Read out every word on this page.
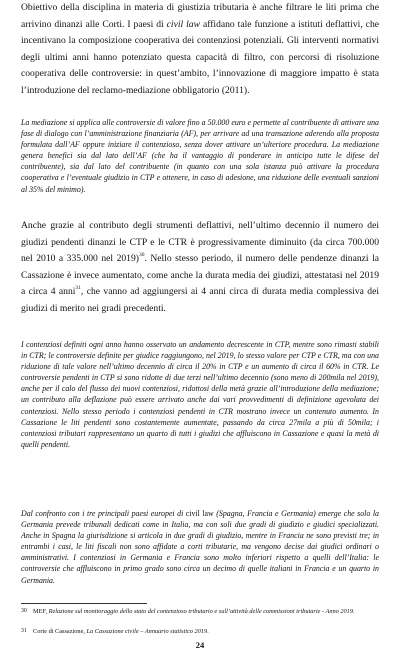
Obiettivo della disciplina in materia di giustizia tributaria è anche filtrare le liti prima che arrivino dinanzi alle Corti. I paesi di civil law affidano tale funzione a istituti deflattivi, che incentivano la composizione cooperativa dei contenziosi potenziali. Gli interventi normativi degli ultimi anni hanno potenziato questa capacità di filtro, con percorsi di risoluzione cooperativa delle controversie: in quest’ambito, l’innovazione di maggiore impatto è stata l’introduzione del reclamo-mediazione obbligatorio (2011).

La mediazione si applica alle controversie di valore fino a 50.000 euro e permette al contribuente di attivare una fase di dialogo con l’amministrazione finanziaria (AF), per arrivare ad una transazione aderendo alla proposta formulata dall’AF oppure iniziare il contenzioso, senza dover attivare un’ulteriore procedura. La mediazione genera benefici sia dal lato dell’AF (che ha il vantaggio di ponderare in anticipo tutte le difese del contribuente), sia dal lato del contribuente (in quanto con una sola istanza può attivare la procedura cooperativa e l’eventuale giudizio in CTP e ottenere, in caso di adesione, una riduzione delle eventuali sanzioni al 35% del minimo).

Anche grazie al contributo degli strumenti deflattivi, nell’ultimo decennio il numero dei giudizi pendenti dinanzi le CTP e le CTR è progressivamente diminuito (da circa 700.000 nel 2010 a 335.000 nel 2019)$^{30}$. Nello stesso periodo, il numero delle pendenze dinanzi la Cassazione è invece aumentato, come anche la durata media dei giudizi, attestatasi nel 2019 a circa 4 anni$^{31}$, che vanno ad aggiungersi ai 4 anni circa di durata media complessiva dei giudizi di merito nei gradi precedenti.

I contenziosi definiti ogni anno hanno osservato un andamento decrescente in CTP, mentre sono rimasti stabili in CTR; le controversie definite per giudice raggiungono, nel 2019, lo stesso valore per CTP e CTR, ma con una riduzione di tale valore nell’ultimo decennio di circa il 20% in CTP e un aumento di circa il 60% in CTR. Le controversie pendenti in CTP si sono ridotte di due terzi nell’ultimo decennio (sono meno di 200mila nel 2019), anche per il calo del flusso dei nuovi contenziosi, ridottosi della metà grazie all’introduzione della mediazione; un contributo alla deflazione può essere arrivato anche dai vari provvedimenti di definizione agevolata dei contenziosi. Nello stesso periodo i contenziosi pendenti in CTR mostrano invece un contenuto aumento. In Cassazione le liti pendenti sono costantemente aumentate, passando da circa 27mila a più di 50mila; i contenziosi tributari rappresentano un quarto di tutti i giudizi che affluiscono in Cassazione e quasi la metà di quelli pendenti.

Dal confronto con i tre principali paesi europei di civil law (Spagna, Francia e Germania) emerge che solo la Germania prevede tribunali dedicati come in Italia, ma con soli due gradi di giudizio e giudici specializzati. Anche in Spagna la giurisdizione si articola in due gradi di giudizio, mentre in Francia ne sono previsti tre; in entrambi i casi, le liti fiscali non sono affidate a corti tributarie, ma vengono decise dai giudici ordinari o amministrativi. I contenziosi in Germania e Francia sono molto inferiori rispetto a quelli dell’Italia: le controversie che affluiscono in primo grado sono circa un decimo di quelle italiani in Francia e un quarto in Germania.

30 MEF, Relazione sul monitoraggio dello stato del contenzioso tributario e sull’attività delle commissioni tributarie - Anno 2019.
31 Corte di Cassazione, La Cassazione civile – Annuario statistico 2019.
24
